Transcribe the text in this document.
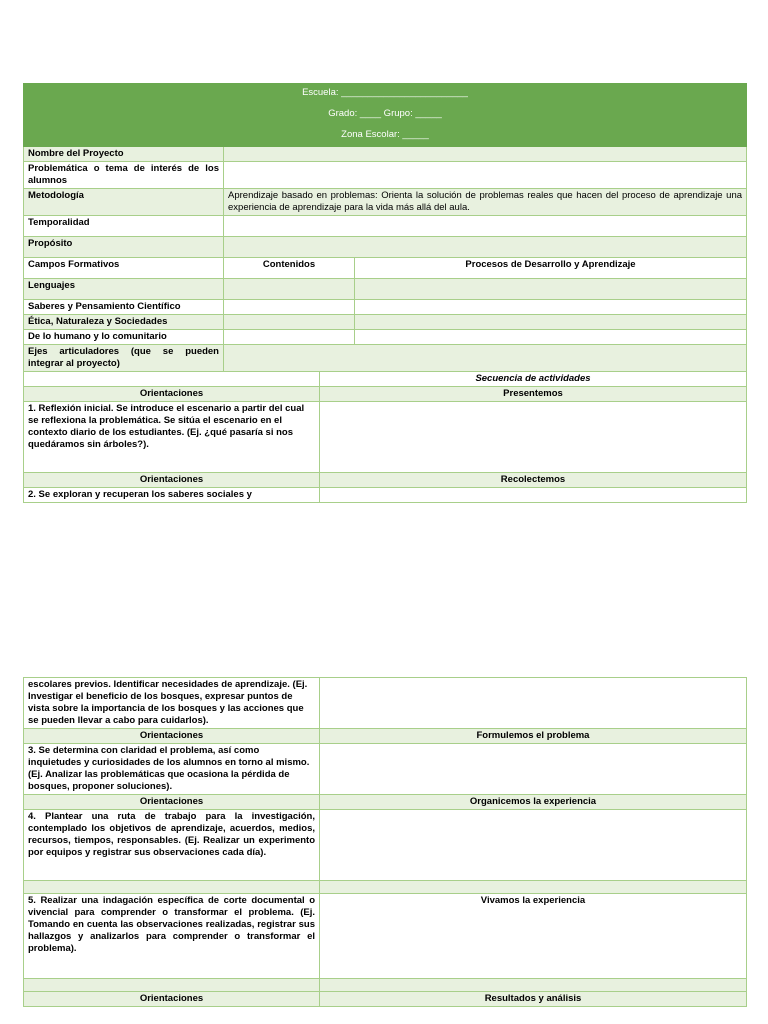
Escuela: ________________________			
Grado: ____ Grupo: _____			
Zona Escolar: _____			
Nombre del Proyecto			
Problemática o tema de interés de los alumnos			
Metodología	Aprendizaje basado en problemas: Orienta la solución de problemas reales que hacen del proceso de aprendizaje una experiencia de aprendizaje para la vida más allá del aula.		
Temporalidad			
Propósito			
Campos Formativos	Contenidos		Procesos de Desarrollo y Aprendizaje
Lenguajes			
Saberes y Pensamiento Científico			
Ética, Naturaleza y Sociedades			
De lo humano y lo comunitario			
Ejes articuladores (que se pueden integrar al proyecto)			
		Secuencia de actividades	
Orientaciones		Presentemos	
1. Reflexión inicial. Se introduce el escenario a partir del cual se reflexiona la problemática. Se sitúa el escenario en el contexto diario de los estudiantes. (Ej. ¿qué pasaría si nos quedáramos sin árboles?).			
Orientaciones		Recolectemos	
2. Se exploran y recuperan los saberes sociales y			
escolares previos. Identificar necesidades de aprendizaje. (Ej. Investigar el beneficio de los bosques, expresar puntos de vista sobre la importancia de los bosques y las acciones que se pueden llevar a cabo para cuidarlos).	
Orientaciones	Formulemos el problema
3. Se determina con claridad el problema, así como inquietudes y curiosidades de los alumnos en torno al mismo. (Ej. Analizar las problemáticas que ocasiona la pérdida de bosques, proponer soluciones).	
Orientaciones	Organicemos la experiencia
4. Plantear una ruta de trabajo para la investigación, contemplado los objetivos de aprendizaje, acuerdos, medios, recursos, tiempos, responsables. (Ej. Realizar un experimento por equipos y registrar sus observaciones cada día).	

5. Realizar una indagación específica de corte documental o vivencial para comprender o transformar el problema. (Ej. Tomando en cuenta las observaciones realizadas, registrar sus hallazgos y analizarlos para comprender o transformar el problema).	Vivamos la experiencia

Orientaciones	Resultados y análisis
